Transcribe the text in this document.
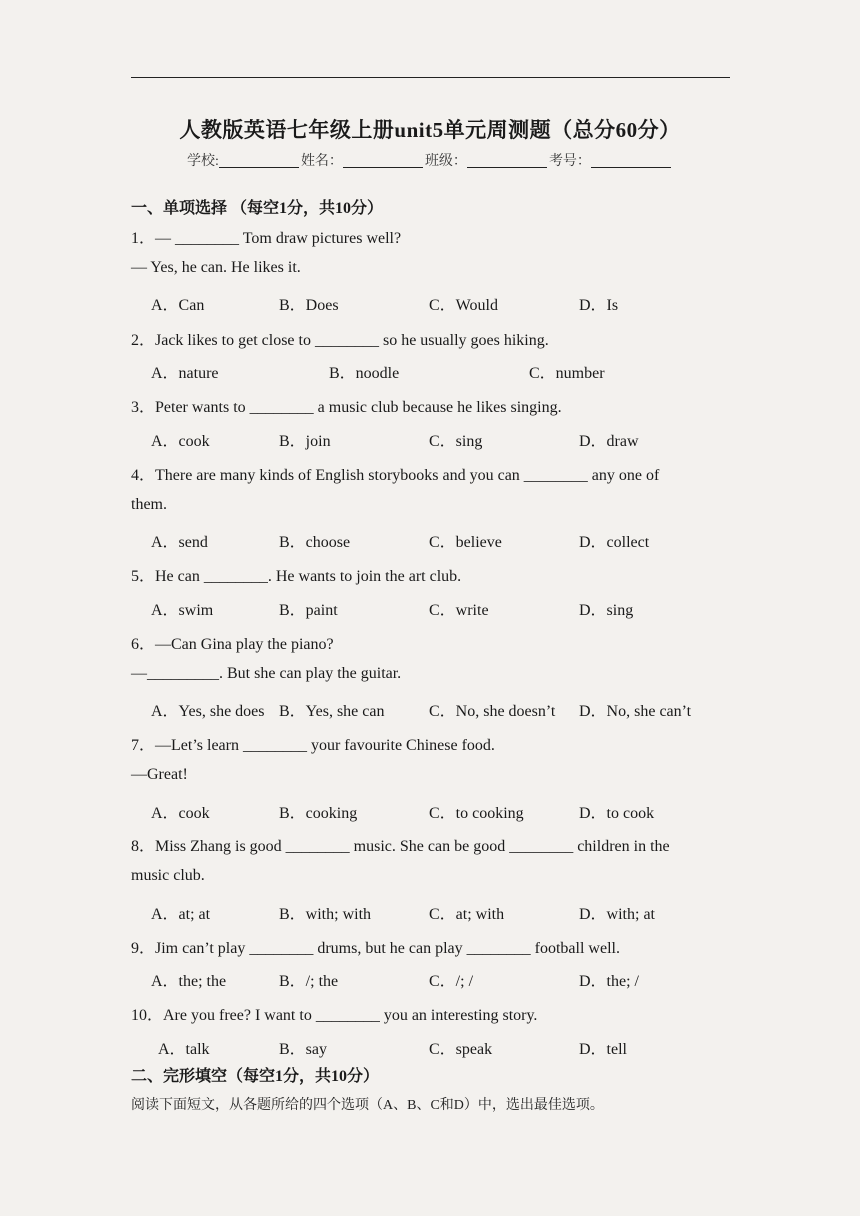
人教版英语七年级上册unit5单元周测题（总分60分）
学校:	姓名：	班级：	考号：
一、单项选择 （每空1分，共10分）
1．— ________ Tom draw pictures well?
— Yes, he can. He likes it.
A．Can	B．Does	C．Would	D．Is
2．Jack likes to get close to ________ so he usually goes hiking.
A．nature	B．noodle	C．number
3．Peter wants to ________ a music club because he likes singing.
A．cook	B．join	C．sing	D．draw
4．There are many kinds of English storybooks and you can ________ any one of
them.
A．send	B．choose	C．believe	D．collect
5．He can ________. He wants to join the art club.
A．swim	B．paint	C．write	D．sing
6．—Can Gina play the piano?
—_________. But she can play the guitar.
A．Yes, she does B．Yes, she can	C．No, she doesn’t D．No, she can’t
7．—Let’s learn ________ your favourite Chinese food.
—Great!
A．cook	B．cooking	C．to cooking	D．to cook
8．Miss Zhang is good ________ music. She can be good ________ children in the
music club.
A．at; at	B．with; with	C．at; with	D．with; at
9．Jim can’t play ________ drums, but he can play ________ football well.
A．the; the	B．/; the	C．/; /	D．the; /
10．Are you free? I want to ________ you an interesting story.
A．talk	B．say	C．speak	D．tell
二、完形填空（每空1分，共10分）
阅读下面短文，从各题所给的四个选项（A、B、C和D）中，选出最佳选项。
